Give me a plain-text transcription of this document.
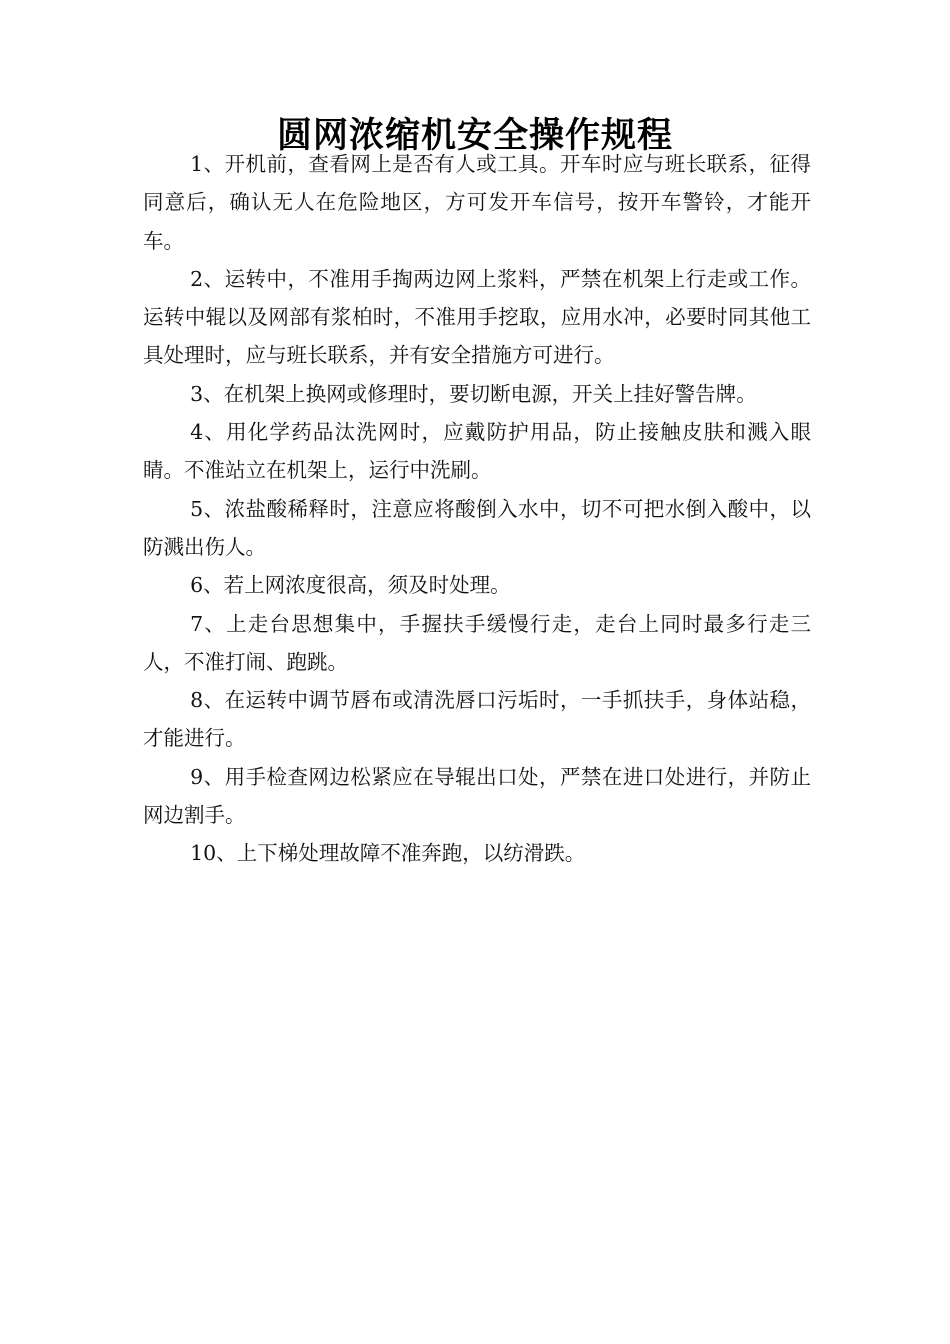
圆网浓缩机安全操作规程

1、开机前，查看网上是否有人或工具。开车时应与班长联系，征得同意后，确认无人在危险地区，方可发开车信号，按开车警铃，才能开车。

2、运转中，不准用手掏两边网上浆料，严禁在机架上行走或工作。运转中辊以及网部有浆柏时，不准用手挖取，应用水冲，必要时同其他工具处理时，应与班长联系，并有安全措施方可进行。

3、在机架上换网或修理时，要切断电源，开关上挂好警告牌。

4、用化学药品汰洗网时，应戴防护用品，防止接触皮肤和溅入眼睛。不准站立在机架上，运行中洗刷。

5、浓盐酸稀释时，注意应将酸倒入水中，切不可把水倒入酸中，以防溅出伤人。

6、若上网浓度很高，须及时处理。

7、上走台思想集中，手握扶手缓慢行走，走台上同时最多行走三人，不准打闹、跑跳。

8、在运转中调节唇布或清洗唇口污垢时，一手抓扶手，身体站稳，才能进行。

9、用手检查网边松紧应在导辊出口处，严禁在进口处进行，并防止网边割手。

10、上下梯处理故障不准奔跑，以纺滑跌。
